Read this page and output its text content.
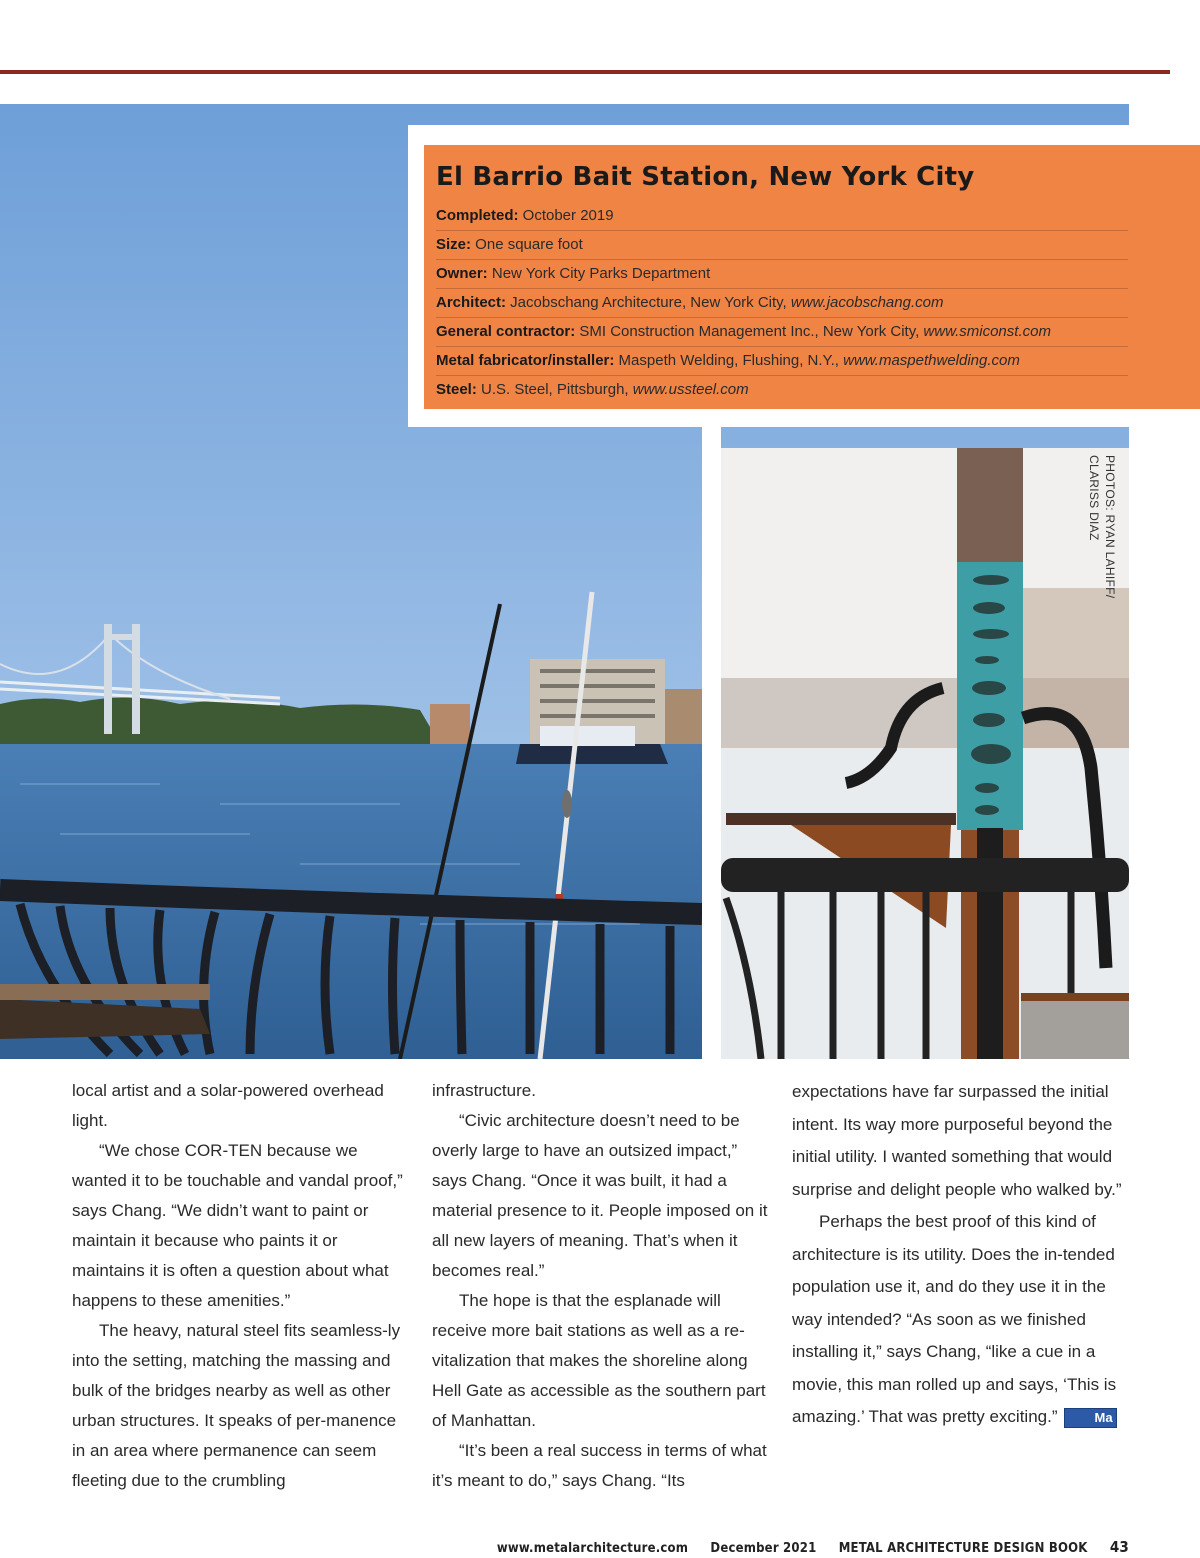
El Barrio Bait Station, New York City
Completed: October 2019
Size: One square foot
Owner: New York City Parks Department
Architect: Jacobschang Architecture, New York City, www.jacobschang.com
General contractor: SMI Construction Management Inc., New York City, www.smiconst.com
Metal fabricator/installer: Maspeth Welding, Flushing, N.Y., www.maspethwelding.com
Steel: U.S. Steel, Pittsburgh, www.ussteel.com
PHOTOS: RYAN LAHIFF/
CLARISS DIAZ

local artist and a solar-powered overhead light.

“We chose COR-TEN because we wanted it to be touchable and vandal proof,” says Chang. “We didn’t want to paint or maintain it because who paints it or maintains it is often a question about what happens to these amenities.”

The heavy, natural steel fits seamless-ly into the setting, matching the massing and bulk of the bridges nearby as well as other urban structures. It speaks of per-manence in an area where permanence can seem fleeting due to the crumbling

infrastructure.

“Civic architecture doesn’t need to be overly large to have an outsized impact,” says Chang. “Once it was built, it had a material presence to it. People imposed on it all new layers of meaning. That’s when it becomes real.”

The hope is that the esplanade will receive more bait stations as well as a re-vitalization that makes the shoreline along Hell Gate as accessible as the southern part of Manhattan.

“It’s been a real success in terms of what it’s meant to do,” says Chang. “Its

expectations have far surpassed the initial intent. Its way more purposeful beyond the initial utility. I wanted something that would surprise and delight people who walked by.”

Perhaps the best proof of this kind of architecture is its utility. Does the in-tended population use it, and do they use it in the way intended? “As soon as we finished installing it,” says Chang, “like a cue in a movie, this man rolled up and says, ‘This is amazing.’ That was pretty exciting.”	Ma

www.metalarchitecture.com December 2021 METAL ARCHITECTURE DESIGN BOOK 43
